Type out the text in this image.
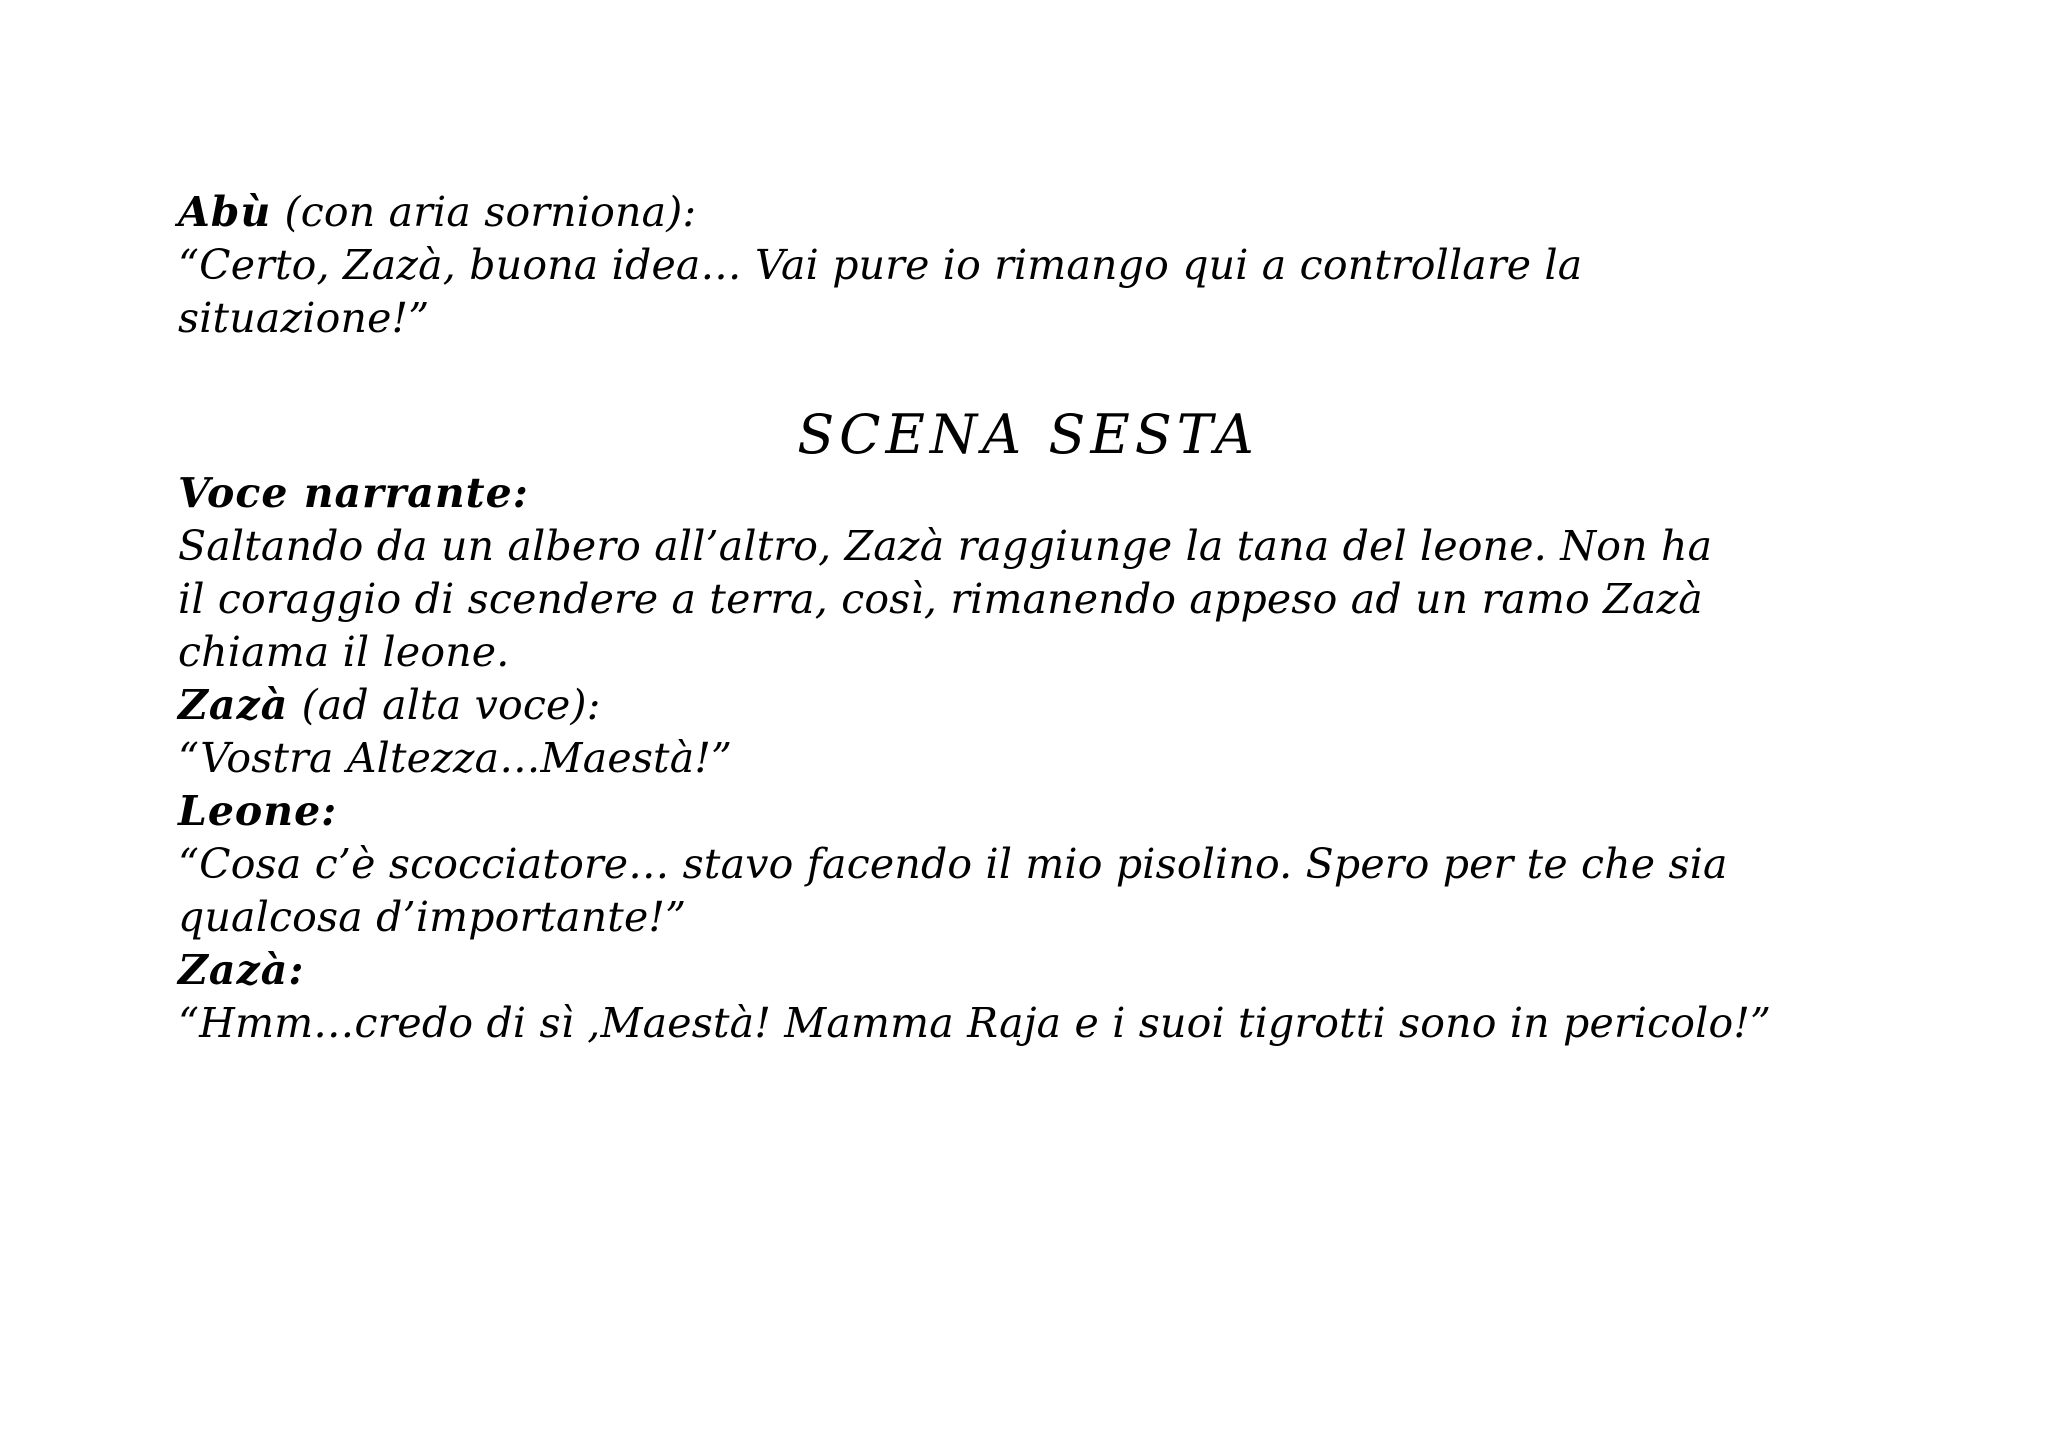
Abù (con aria sorniona):
“Certo, Zazà, buona idea… Vai pure io rimango qui a controllare la
situazione!”
SCENA SESTA
Voce narrante:
Saltando da un albero all’altro, Zazà raggiunge la tana del leone. Non ha
il coraggio di scendere a terra, così, rimanendo appeso ad un ramo Zazà
chiama il leone.
Zazà (ad alta voce):
“Vostra Altezza…Maestà!”
Leone:
“Cosa c’è scocciatore… stavo facendo il mio pisolino. Spero per te che sia
qualcosa d’importante!”
Zazà:
“Hmm…credo di sì ,Maestà! Mamma Raja e i suoi tigrotti sono in pericolo!”
